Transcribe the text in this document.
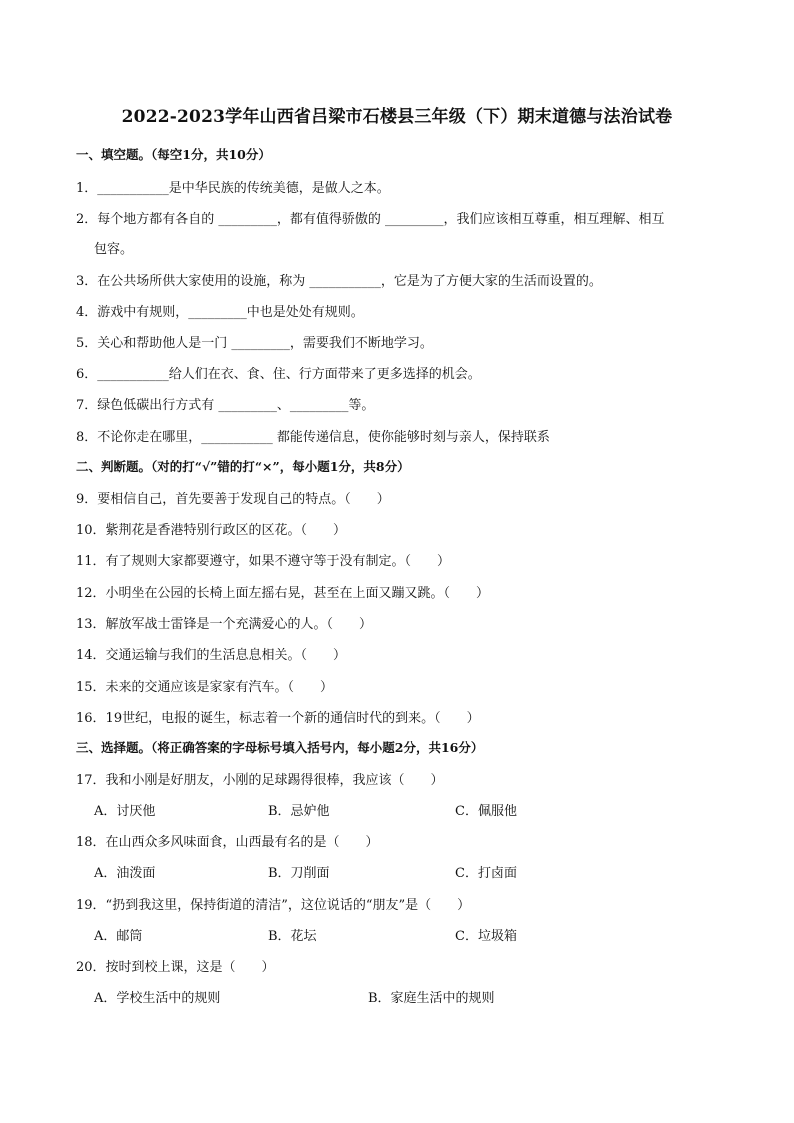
2022-2023学年山西省吕梁市石楼县三年级（下）期末道德与法治试卷
一、填空题。（每空1分，共10分）
1．___________是中华民族的传统美德，是做人之本。
2．每个地方都有各自的 _________，都有值得骄傲的 _________，我们应该相互尊重，相互理解、相互
包容。
3．在公共场所供大家使用的设施，称为 ___________，它是为了方便大家的生活而设置的。
4．游戏中有规则，_________中也是处处有规则。
5．关心和帮助他人是一门 _________，需要我们不断地学习。
6．___________给人们在衣、食、住、行方面带来了更多选择的机会。
7．绿色低碳出行方式有 _________、_________等。
8．不论你走在哪里，___________ 都能传递信息，使你能够时刻与亲人，保持联系
二、判断题。（对的打“√”错的打“×”，每小题1分，共8分）
9．要相信自己，首先要善于发现自己的特点。（　　）
10．紫荆花是香港特别行政区的区花。（　　）
11．有了规则大家都要遵守，如果不遵守等于没有制定。（　　）
12．小明坐在公园的长椅上面左摇右晃，甚至在上面又蹦又跳。（　　）
13．解放军战士雷锋是一个充满爱心的人。（　　）
14．交通运输与我们的生活息息相关。（　　）
15．未来的交通应该是家家有汽车。（　　）
16．19世纪，电报的诞生，标志着一个新的通信时代的到来。（　　）
三、选择题。（将正确答案的字母标号填入括号内，每小题2分，共16分）
17．我和小刚是好朋友，小刚的足球踢得很棒，我应该（　　）
A．讨厌他	B．忌妒他	C．佩服他
18．在山西众多风味面食，山西最有名的是（　　）
A．油泼面	B．刀削面	C．打卤面
19．“扔到我这里，保持街道的清洁”，这位说话的“朋友”是（　　）
A．邮筒	B．花坛	C．垃圾箱
20．按时到校上课，这是（　　）
A．学校生活中的规则	B．家庭生活中的规则
